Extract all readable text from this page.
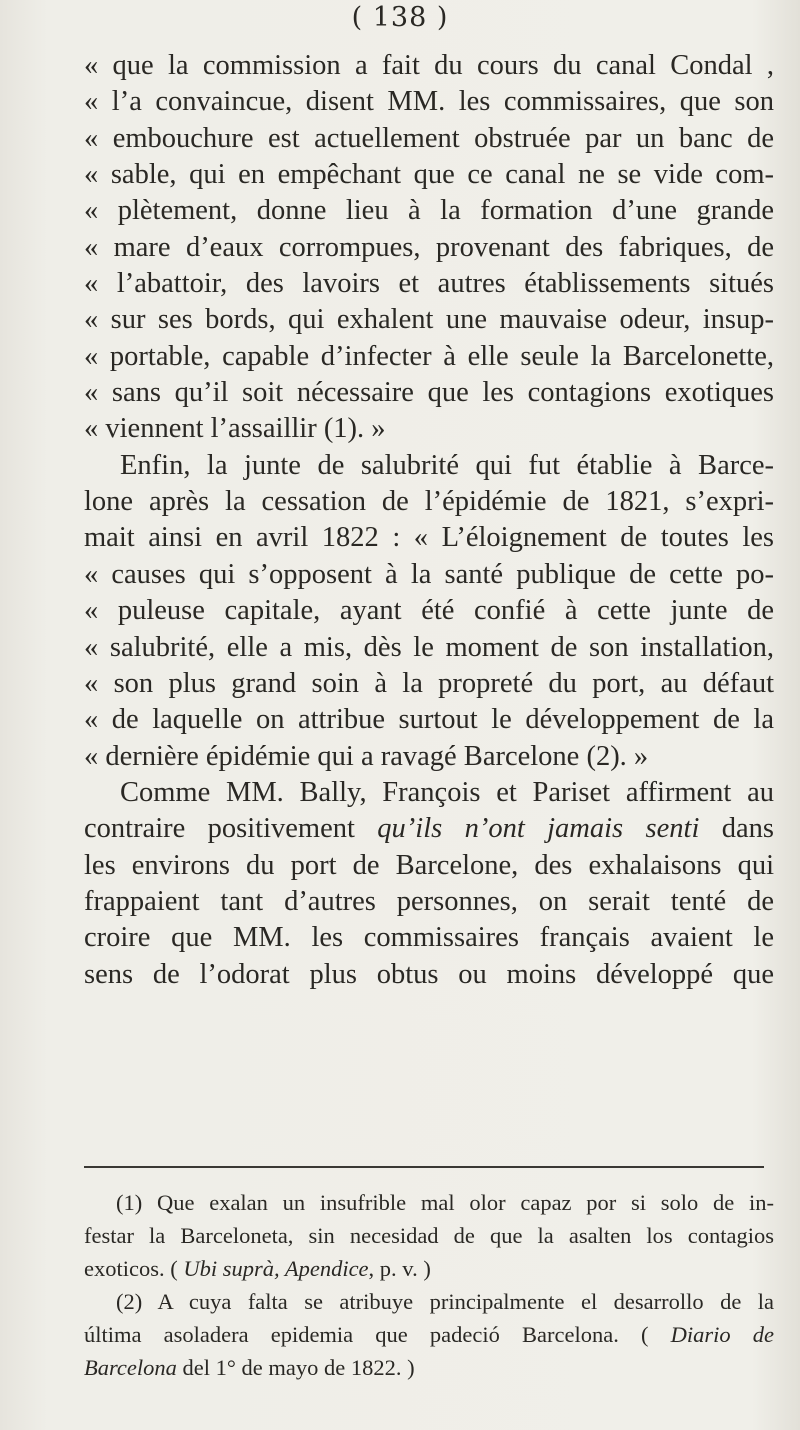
( 138 )
« que la commission a fait du cours du canal Condal ,
« l’a convaincue, disent MM. les commissaires, que son
« embouchure est actuellement obstruée par un banc de
« sable, qui en empêchant que ce canal ne se vide com-
« plètement, donne lieu à la formation d’une grande
« mare d’eaux corrompues, provenant des fabriques, de
« l’abattoir, des lavoirs et autres établissements situés
« sur ses bords, qui exhalent une mauvaise odeur, insup-
« portable, capable d’infecter à elle seule la Barcelonette,
« sans qu’il soit nécessaire que les contagions exotiques
« viennent l’assaillir (1). »
Enfin, la junte de salubrité qui fut établie à Barce-
lone après la cessation de l’épidémie de 1821, s’expri-
mait ainsi en avril 1822 : « L’éloignement de toutes les
« causes qui s’opposent à la santé publique de cette po-
« puleuse capitale, ayant été confié à cette junte de
« salubrité, elle a mis, dès le moment de son installation,
« son plus grand soin à la propreté du port, au défaut
« de laquelle on attribue surtout le développement de la
« dernière épidémie qui a ravagé Barcelone (2). »
Comme MM. Bally, François et Pariset affirment au
contraire positivement qu’ils n’ont jamais senti dans
les environs du port de Barcelone, des exhalaisons qui
frappaient tant d’autres personnes, on serait tenté de
croire que MM. les commissaires français avaient le
sens de l’odorat plus obtus ou moins développé que
(1) Que exalan un insufrible mal olor capaz por si solo de in-
festar la Barceloneta, sin necesidad de que la asalten los contagios
exoticos. ( Ubi suprà, Apendice, p. v. )
(2) A cuya falta se atribuye principalmente el desarrollo de la
última asoladera epidemia que padeció Barcelona. ( Diario de
Barcelona del 1° de mayo de 1822. )
